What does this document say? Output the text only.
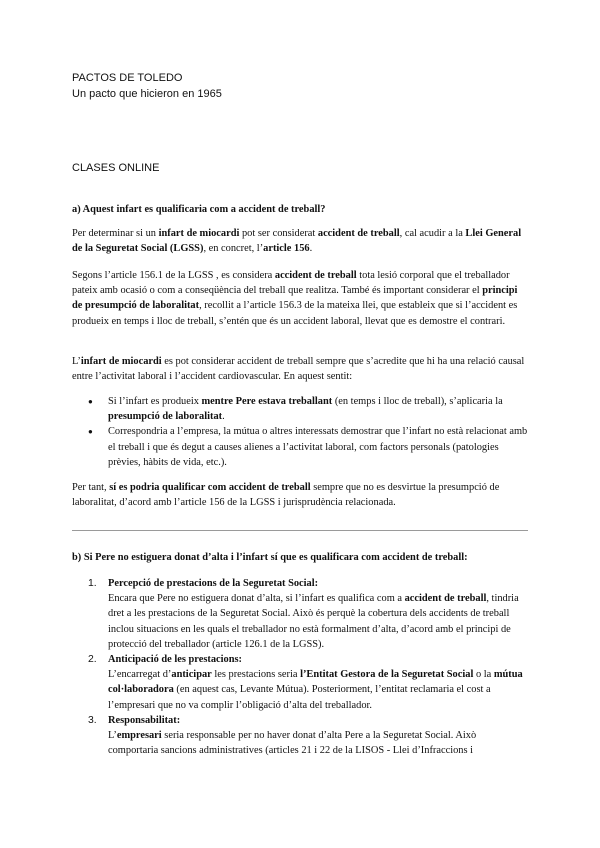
PACTOS DE TOLEDO
Un pacto que hicieron en 1965
CLASES ONLINE
a) Aquest infart es qualificaria com a accident de treball?

Per determinar si un infart de miocardi pot ser considerat accident de treball, cal acudir a la Llei General de la Seguretat Social (LGSS), en concret, l’article 156.

Segons l’article 156.1 de la LGSS , es considera accident de treball tota lesió corporal que el treballador pateix amb ocasió o com a conseqüència del treball que realitza. També és important considerar el principi de presumpció de laboralitat, recollit a l’article 156.3 de la mateixa llei, que estableix que si l’accident es produeix en temps i lloc de treball, s’entén que és un accident laboral, llevat que es demostre el contrari.

L’infart de miocardi es pot considerar accident de treball sempre que s’acredite que hi ha una relació causal entre l’activitat laboral i l’accident cardiovascular. En aquest sentit:

● Si l’infart es produeix mentre Pere estava treballant (en temps i lloc de treball), s’aplicaria la presumpció de laboralitat.
● Correspondria a l’empresa, la mútua o altres interessats demostrar que l’infart no està relacionat amb el treball i que és degut a causes alienes a l’activitat laboral, com factors personals (patologies prèvies, hàbits de vida, etc.).

Per tant, sí es podria qualificar com accident de treball sempre que no es desvirtue la presumpció de laboralitat, d’acord amb l’article 156 de la LGSS i jurisprudència relacionada.

b) Si Pere no estiguera donat d’alta i l’infart sí que es qualificara com accident de treball:
1. Percepció de prestacions de la Seguretat Social:
Encara que Pere no estiguera donat d’alta, si l’infart es qualifica com a accident de treball, tindria dret a les prestacions de la Seguretat Social. Això és perquè la cobertura dels accidents de treball inclou situacions en les quals el treballador no està formalment d’alta, d’acord amb el principi de protecció del treballador (article 126.1 de la LGSS).
2. Anticipació de les prestacions:
L’encarregat d’anticipar les prestacions seria l’Entitat Gestora de la Seguretat Social o la mútua col·laboradora (en aquest cas, Levante Mútua). Posteriorment, l’entitat reclamaria el cost a l’empresari que no va complir l’obligació d’alta del treballador.
3. Responsabilitat:
L’empresari seria responsable per no haver donat d’alta Pere a la Seguretat Social. Això comportaria sancions administratives (articles 21 i 22 de la LISOS - Llei d’Infraccions i
